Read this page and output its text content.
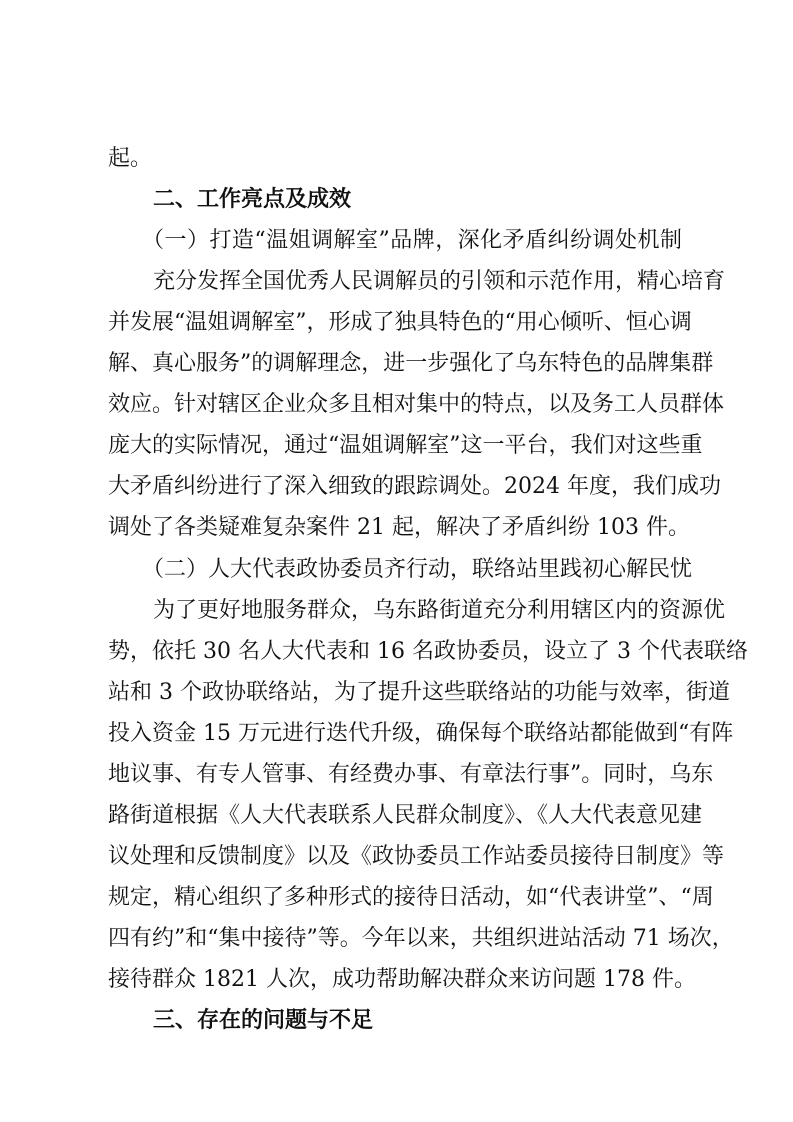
起。
二、工作亮点及成效
（一）打造“温姐调解室”品牌，深化矛盾纠纷调处机制
充分发挥全国优秀人民调解员的引领和示范作用，精心培育
并发展“温姐调解室”，形成了独具特色的“用心倾听、恒心调
解、真心服务”的调解理念，进一步强化了乌东特色的品牌集群
效应。针对辖区企业众多且相对集中的特点，以及务工人员群体
庞大的实际情况，通过“温姐调解室”这一平台，我们对这些重
大矛盾纠纷进行了深入细致的跟踪调处。2024 年度，我们成功
调处了各类疑难复杂案件 21 起，解决了矛盾纠纷 103 件。
（二）人大代表政协委员齐行动，联络站里践初心解民忧
为了更好地服务群众，乌东路街道充分利用辖区内的资源优
势，依托 30 名人大代表和 16 名政协委员，设立了 3 个代表联络
站和 3 个政协联络站，为了提升这些联络站的功能与效率，街道
投入资金 15 万元进行迭代升级，确保每个联络站都能做到“有阵
地议事、有专人管事、有经费办事、有章法行事”。同时，乌东
路街道根据《人大代表联系人民群众制度》、《人大代表意见建
议处理和反馈制度》以及《政协委员工作站委员接待日制度》等
规定，精心组织了多种形式的接待日活动，如“代表讲堂”、“周
四有约”和“集中接待”等。今年以来，共组织进站活动 71 场次，
接待群众 1821 人次，成功帮助解决群众来访问题 178 件。
三、存在的问题与不足
